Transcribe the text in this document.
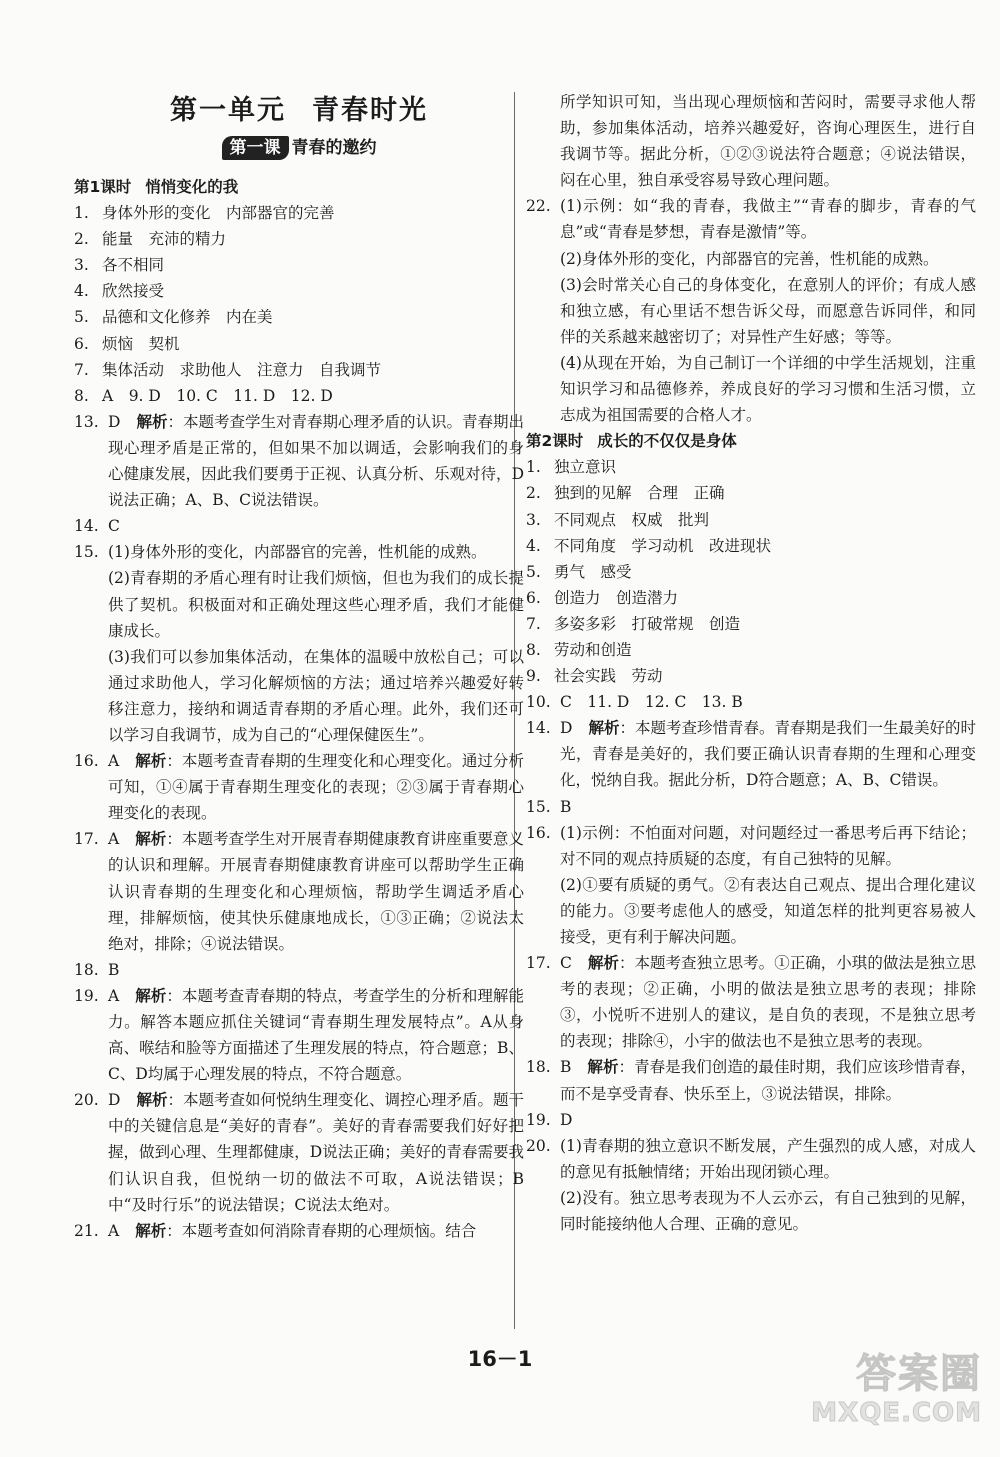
第一单元 青春时光
第一课 青春的邀约
第1课时 悄悄变化的我
1. 身体外形的变化　内部器官的完善
2. 能量　充沛的精力
3. 各不相同
4. 欣然接受
5. 品德和文化修养　内在美
6. 烦恼　契机
7. 集体活动　求助他人　注意力　自我调节
8. A　9. D　10. C　11. D　12. D
13. D 解析：本题考查学生对青春期心理矛盾的认识。青春期出现心理矛盾是正常的，但如果不加以调适，会影响我们的身心健康发展，因此我们要勇于正视、认真分析、乐观对待，D说法正确；A、B、C说法错误。
14. C
15. (1)身体外形的变化，内部器官的完善，性机能的成熟。
(2)青春期的矛盾心理有时让我们烦恼，但也为我们的成长提供了契机。积极面对和正确处理这些心理矛盾，我们才能健康成长。
(3)我们可以参加集体活动，在集体的温暖中放松自己；可以通过求助他人，学习化解烦恼的方法；通过培养兴趣爱好转移注意力，接纳和调适青春期的矛盾心理。此外，我们还可以学习自我调节，成为自己的“心理保健医生”。
16. A 解析：本题考查青春期的生理变化和心理变化。通过分析可知，①④属于青春期生理变化的表现；②③属于青春期心理变化的表现。
17. A 解析：本题考查学生对开展青春期健康教育讲座重要意义的认识和理解。开展青春期健康教育讲座可以帮助学生正确认识青春期的生理变化和心理烦恼，帮助学生调适矛盾心理，排解烦恼，使其快乐健康地成长，①③正确；②说法太绝对，排除；④说法错误。
18. B
19. A 解析：本题考查青春期的特点，考查学生的分析和理解能力。解答本题应抓住关键词“青春期生理发展特点”。A从身高、喉结和脸等方面描述了生理发展的特点，符合题意；B、C、D均属于心理发展的特点，不符合题意。
20. D 解析：本题考查如何悦纳生理变化、调控心理矛盾。题干中的关键信息是“美好的青春”。美好的青春需要我们好好把握，做到心理、生理都健康，D说法正确；美好的青春需要我们认识自我，但悦纳一切的做法不可取，A说法错误；B中“及时行乐”的说法错误；C说法太绝对。
21. A 解析：本题考查如何消除青春期的心理烦恼。结合
所学知识可知，当出现心理烦恼和苦闷时，需要寻求他人帮助，参加集体活动，培养兴趣爱好，咨询心理医生，进行自我调节等。据此分析，①②③说法符合题意；④说法错误，闷在心里，独自承受容易导致心理问题。
22. (1)示例：如“我的青春，我做主”“青春的脚步，青春的气息”或“青春是梦想，青春是激情”等。
(2)身体外形的变化，内部器官的完善，性机能的成熟。
(3)会时常关心自己的身体变化，在意别人的评价；有成人感和独立感，有心里话不想告诉父母，而愿意告诉同伴，和同伴的关系越来越密切了；对异性产生好感；等等。
(4)从现在开始，为自己制订一个详细的中学生活规划，注重知识学习和品德修养，养成良好的学习习惯和生活习惯，立志成为祖国需要的合格人才。
第2课时 成长的不仅仅是身体
1. 独立意识
2. 独到的见解　合理　正确
3. 不同观点　权威　批判
4. 不同角度　学习动机　改进现状
5. 勇气　感受
6. 创造力　创造潜力
7. 多姿多彩　打破常规　创造
8. 劳动和创造
9. 社会实践　劳动
10. C　11. D　12. C　13. B
14. D 解析：本题考查珍惜青春。青春期是我们一生最美好的时光，青春是美好的，我们要正确认识青春期的生理和心理变化，悦纳自我。据此分析，D符合题意；A、B、C错误。
15. B
16. (1)示例：不怕面对问题，对问题经过一番思考后再下结论；对不同的观点持质疑的态度，有自己独特的见解。
(2)①要有质疑的勇气。②有表达自己观点、提出合理化建议的能力。③要考虑他人的感受，知道怎样的批判更容易被人接受，更有利于解决问题。
17. C 解析：本题考查独立思考。①正确，小琪的做法是独立思考的表现；②正确，小明的做法是独立思考的表现；排除③，小悦听不进别人的建议，是自负的表现，不是独立思考的表现；排除④，小宇的做法也不是独立思考的表现。
18. B 解析：青春是我们创造的最佳时期，我们应该珍惜青春，而不是享受青春、快乐至上，③说法错误，排除。
19. D
20. (1)青春期的独立意识不断发展，产生强烈的成人感，对成人的意见有抵触情绪；开始出现闭锁心理。
(2)没有。独立思考表现为不人云亦云，有自己独到的见解，同时能接纳他人合理、正确的意见。
16－1	答案圈
MXQE.COM
